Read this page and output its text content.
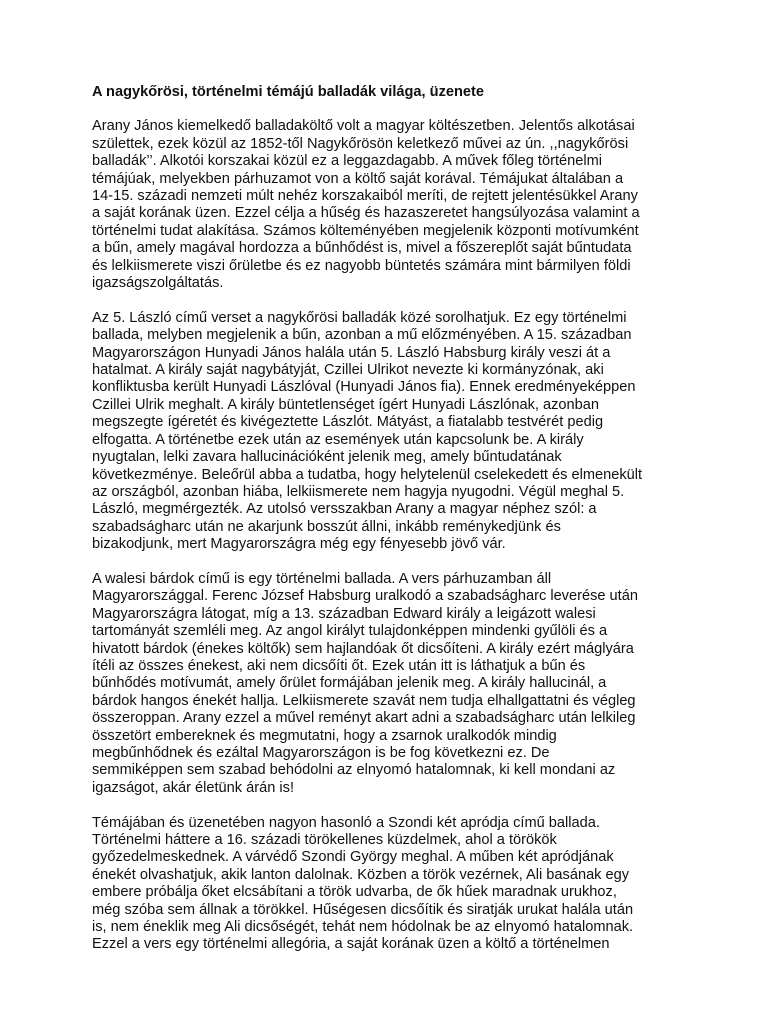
A nagykőrösi, történelmi témájú balladák világa, üzenete

Arany János kiemelkedő balladaköltő volt a magyar költészetben. Jelentős alkotásai
születtek, ezek közül az 1852-től Nagykőrösön keletkező művei az ún. ,,nagykőrösi
balladák’’. Alkotói korszakai közül ez a leggazdagabb. A művek főleg történelmi
témájúak, melyekben párhuzamot von a költő saját korával. Témájukat általában a
14-15. századi nemzeti múlt nehéz korszakaiból meríti, de rejtett jelentésükkel Arany
a saját korának üzen. Ezzel célja a hűség és hazaszeretet hangsúlyozása valamint a
történelmi tudat alakítása. Számos költeményében megjelenik központi motívumként
a bűn, amely magával hordozza a bűnhődést is, mivel a főszereplőt saját bűntudata
és lelkiismerete viszi őrületbe és ez nagyobb büntetés számára mint bármilyen földi
igazságszolgáltatás.

Az 5. László című verset a nagykőrösi balladák közé sorolhatjuk. Ez egy történelmi
ballada, melyben megjelenik a bűn, azonban a mű előzményében. A 15. században
Magyarországon Hunyadi János halála után 5. László Habsburg király veszi át a
hatalmat. A király saját nagybátyját, Czillei Ulrikot nevezte ki kormányzónak, aki
konfliktusba került Hunyadi Lászlóval (Hunyadi János fia). Ennek eredményeképpen
Czillei Ulrik meghalt. A király büntetlenséget ígért Hunyadi Lászlónak, azonban
megszegte ígéretét és kivégeztette Lászlót. Mátyást, a fiatalabb testvérét pedig
elfogatta. A történetbe ezek után az események után kapcsolunk be. A király
nyugtalan, lelki zavara hallucinációként jelenik meg, amely bűntudatának
következménye. Beleőrül abba a tudatba, hogy helytelenül cselekedett és elmenekült
az országból, azonban hiába, lelkiismerete nem hagyja nyugodni. Végül meghal 5.
László, megmérgezték. Az utolsó versszakban Arany a magyar néphez szól: a
szabadságharc után ne akarjunk bosszút állni, inkább reménykedjünk és
bizakodjunk, mert Magyarországra még egy fényesebb jövő vár.

A walesi bárdok című is egy történelmi ballada. A vers párhuzamban áll
Magyarországgal. Ferenc József Habsburg uralkodó a szabadságharc leverése után
Magyarországra látogat, míg a 13. században Edward király a leigázott walesi
tartományát szemléli meg. Az angol királyt tulajdonképpen mindenki gyűlöli és a
hivatott bárdok (énekes költők) sem hajlandóak őt dicsőíteni. A király ezért máglyára
ítéli az összes énekest, aki nem dicsőíti őt. Ezek után itt is láthatjuk a bűn és
bűnhődés motívumát, amely őrület formájában jelenik meg. A király hallucinál, a
bárdok hangos énekét hallja. Lelkiismerete szavát nem tudja elhallgattatni és végleg
összeroppan. Arany ezzel a művel reményt akart adni a szabadságharc után lelkileg
összetört embereknek és megmutatni, hogy a zsarnok uralkodók mindig
megbűnhődnek és ezáltal Magyarországon is be fog következni ez. De
semmiképpen sem szabad behódolni az elnyomó hatalomnak, ki kell mondani az
igazságot, akár életünk árán is!

Témájában és üzenetében nagyon hasonló a Szondi két apródja című ballada.
Történelmi háttere a 16. századi törökellenes küzdelmek, ahol a törökök
győzedelmeskednek. A várvédő Szondi György meghal. A műben két apródjának
énekét olvashatjuk, akik lanton dalolnak. Közben a török vezérnek, Ali basának egy
embere próbálja őket elcsábítani a török udvarba, de ők hűek maradnak urukhoz,
még szóba sem állnak a törökkel. Hűségesen dicsőítik és siratják urukat halála után
is, nem éneklik meg Ali dicsőségét, tehát nem hódolnak be az elnyomó hatalomnak.
Ezzel a vers egy történelmi allegória, a saját korának üzen a költő a történelmen
